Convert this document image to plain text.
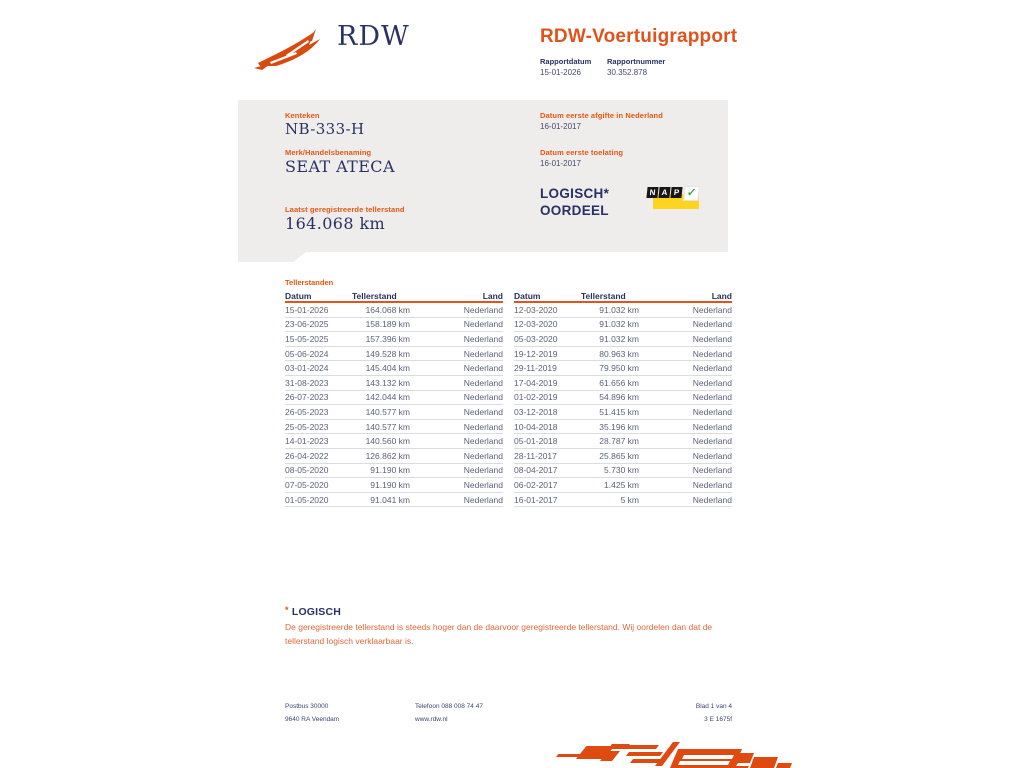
RDW	RDW-Voertuigrapport
Rapportdatum Rapportnummer
15-01-2026	30.352.878
Kenteken
NB-333-H
Merk/Handelsbenaming
SEAT ATECA
Laatst geregistreerde tellerstand
164.068 km
Datum eerste afgifte in Nederland
16-01-2017
Datum eerste toelating
16-01-2017
LOGISCH*
OORDEEL
N A P ✓
Tellerstanden
Datum	Tellerstand	Land
15-01-2026	164.068 km	Nederland
23-06-2025	158.189 km	Nederland
15-05-2025	157.396 km	Nederland
05-06-2024	149.528 km	Nederland
03-01-2024	145.404 km	Nederland
31-08-2023	143.132 km	Nederland
26-07-2023	142.044 km	Nederland
26-05-2023	140.577 km	Nederland
25-05-2023	140.577 km	Nederland
14-01-2023	140.560 km	Nederland
26-04-2022	126.862 km	Nederland
08-05-2020	91.190 km	Nederland
07-05-2020	91.190 km	Nederland
01-05-2020	91.041 km	Nederland
Datum	Tellerstand	Land
12-03-2020	91.032 km	Nederland
12-03-2020	91.032 km	Nederland
05-03-2020	91.032 km	Nederland
19-12-2019	80.963 km	Nederland
29-11-2019	79.950 km	Nederland
17-04-2019	61.656 km	Nederland
01-02-2019	54.896 km	Nederland
03-12-2018	51.415 km	Nederland
10-04-2018	35.196 km	Nederland
05-01-2018	28.787 km	Nederland
28-11-2017	25.865 km	Nederland
08-04-2017	5.730 km	Nederland
06-02-2017	1.425 km	Nederland
16-01-2017	5 km	Nederland
* LOGISCH
De geregistreerde tellerstand is steeds hoger dan de daarvoor geregistreerde tellerstand. Wij oordelen dan dat de tellerstand logisch verklaarbaar is.
Postbus 30000
9640 RA Veendam
Telefoon 088 008 74 47
www.rdw.nl
Blad 1 van 4
3 E 1675f
